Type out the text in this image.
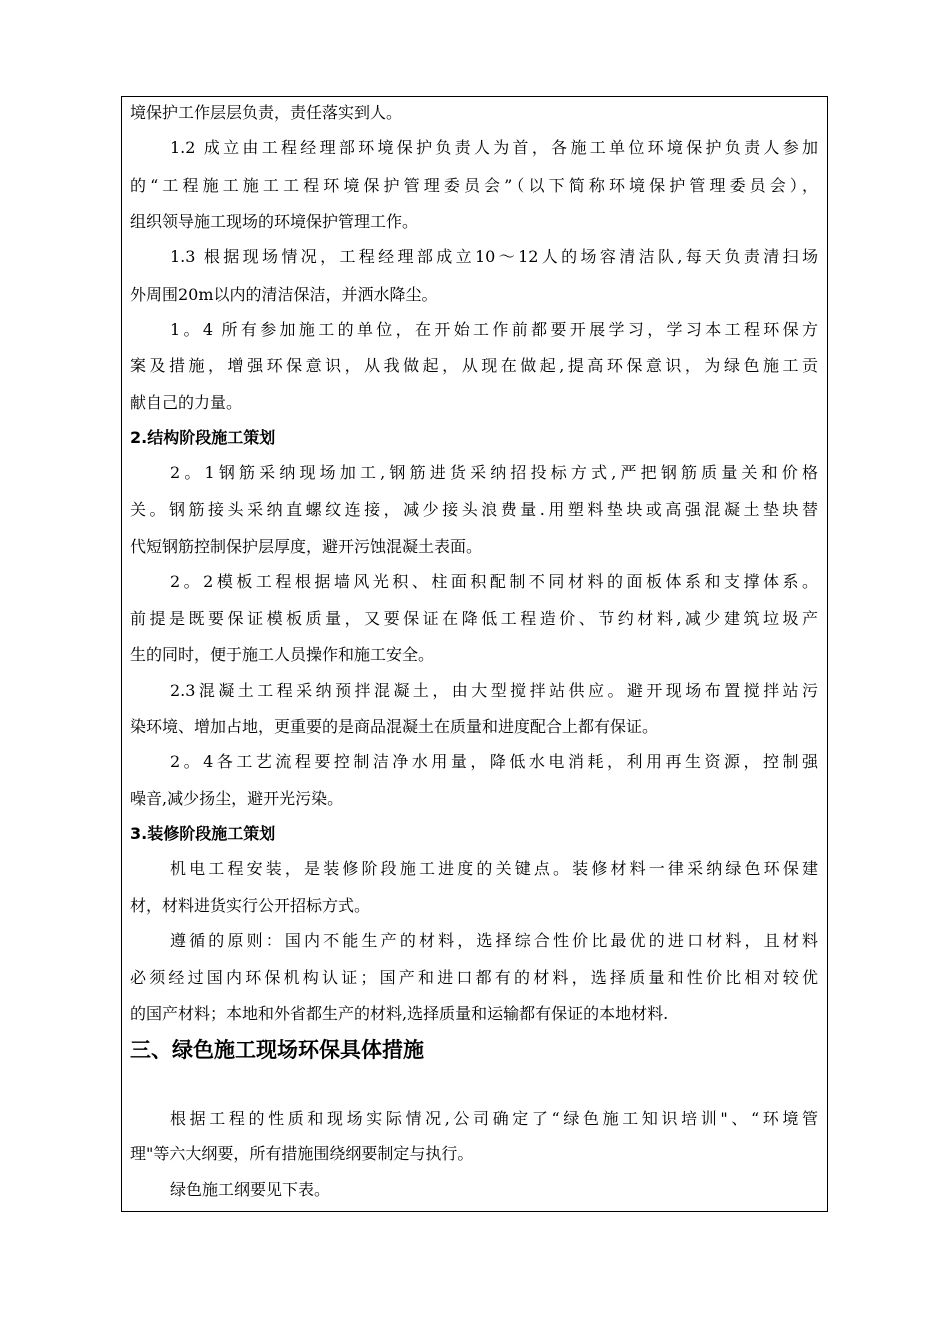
境保护工作层层负责，责任落实到人。
1.2 成立由工程经理部环境保护负责人为首，各施工单位环境保护负责人参加
的“工程施工施工工程环境保护管理委员会”（以下简称环境保护管理委员会），
组织领导施工现场的环境保护管理工作。
1.3 根据现场情况，工程经理部成立10～12人的场容清洁队,每天负责清扫场
外周围20m以内的清洁保洁，并洒水降尘。
1。4 所有参加施工的单位，在开始工作前都要开展学习，学习本工程环保方
案及措施，增强环保意识，从我做起，从现在做起,提高环保意识，为绿色施工贡
献自己的力量。
2.结构阶段施工策划
2。1钢筋采纳现场加工,钢筋进货采纳招投标方式,严把钢筋质量关和价格
关。钢筋接头采纳直螺纹连接，减少接头浪费量.用塑料垫块或高强混凝土垫块替
代短钢筋控制保护层厚度，避开污蚀混凝土表面。
2。2模板工程根据墙风光积、柱面积配制不同材料的面板体系和支撑体系。
前提是既要保证模板质量，又要保证在降低工程造价、节约材料,减少建筑垃圾产
生的同时，便于施工人员操作和施工安全。
2.3混凝土工程采纳预拌混凝土，由大型搅拌站供应。避开现场布置搅拌站污
染环境、增加占地，更重要的是商品混凝土在质量和进度配合上都有保证。
2。4各工艺流程要控制洁净水用量，降低水电消耗，利用再生资源，控制强
噪音,减少扬尘，避开光污染。
3.装修阶段施工策划
机电工程安装，是装修阶段施工进度的关键点。装修材料一律采纳绿色环保建
材，材料进货实行公开招标方式。
遵循的原则：国内不能生产的材料，选择综合性价比最优的进口材料，且材料
必须经过国内环保机构认证；国产和进口都有的材料，选择质量和性价比相对较优
的国产材料；本地和外省都生产的材料,选择质量和运输都有保证的本地材料.
三、绿色施工现场环保具体措施
根据工程的性质和现场实际情况,公司确定了“绿色施工知识培训"、“环境管
理"等六大纲要，所有措施围绕纲要制定与执行。
绿色施工纲要见下表。
